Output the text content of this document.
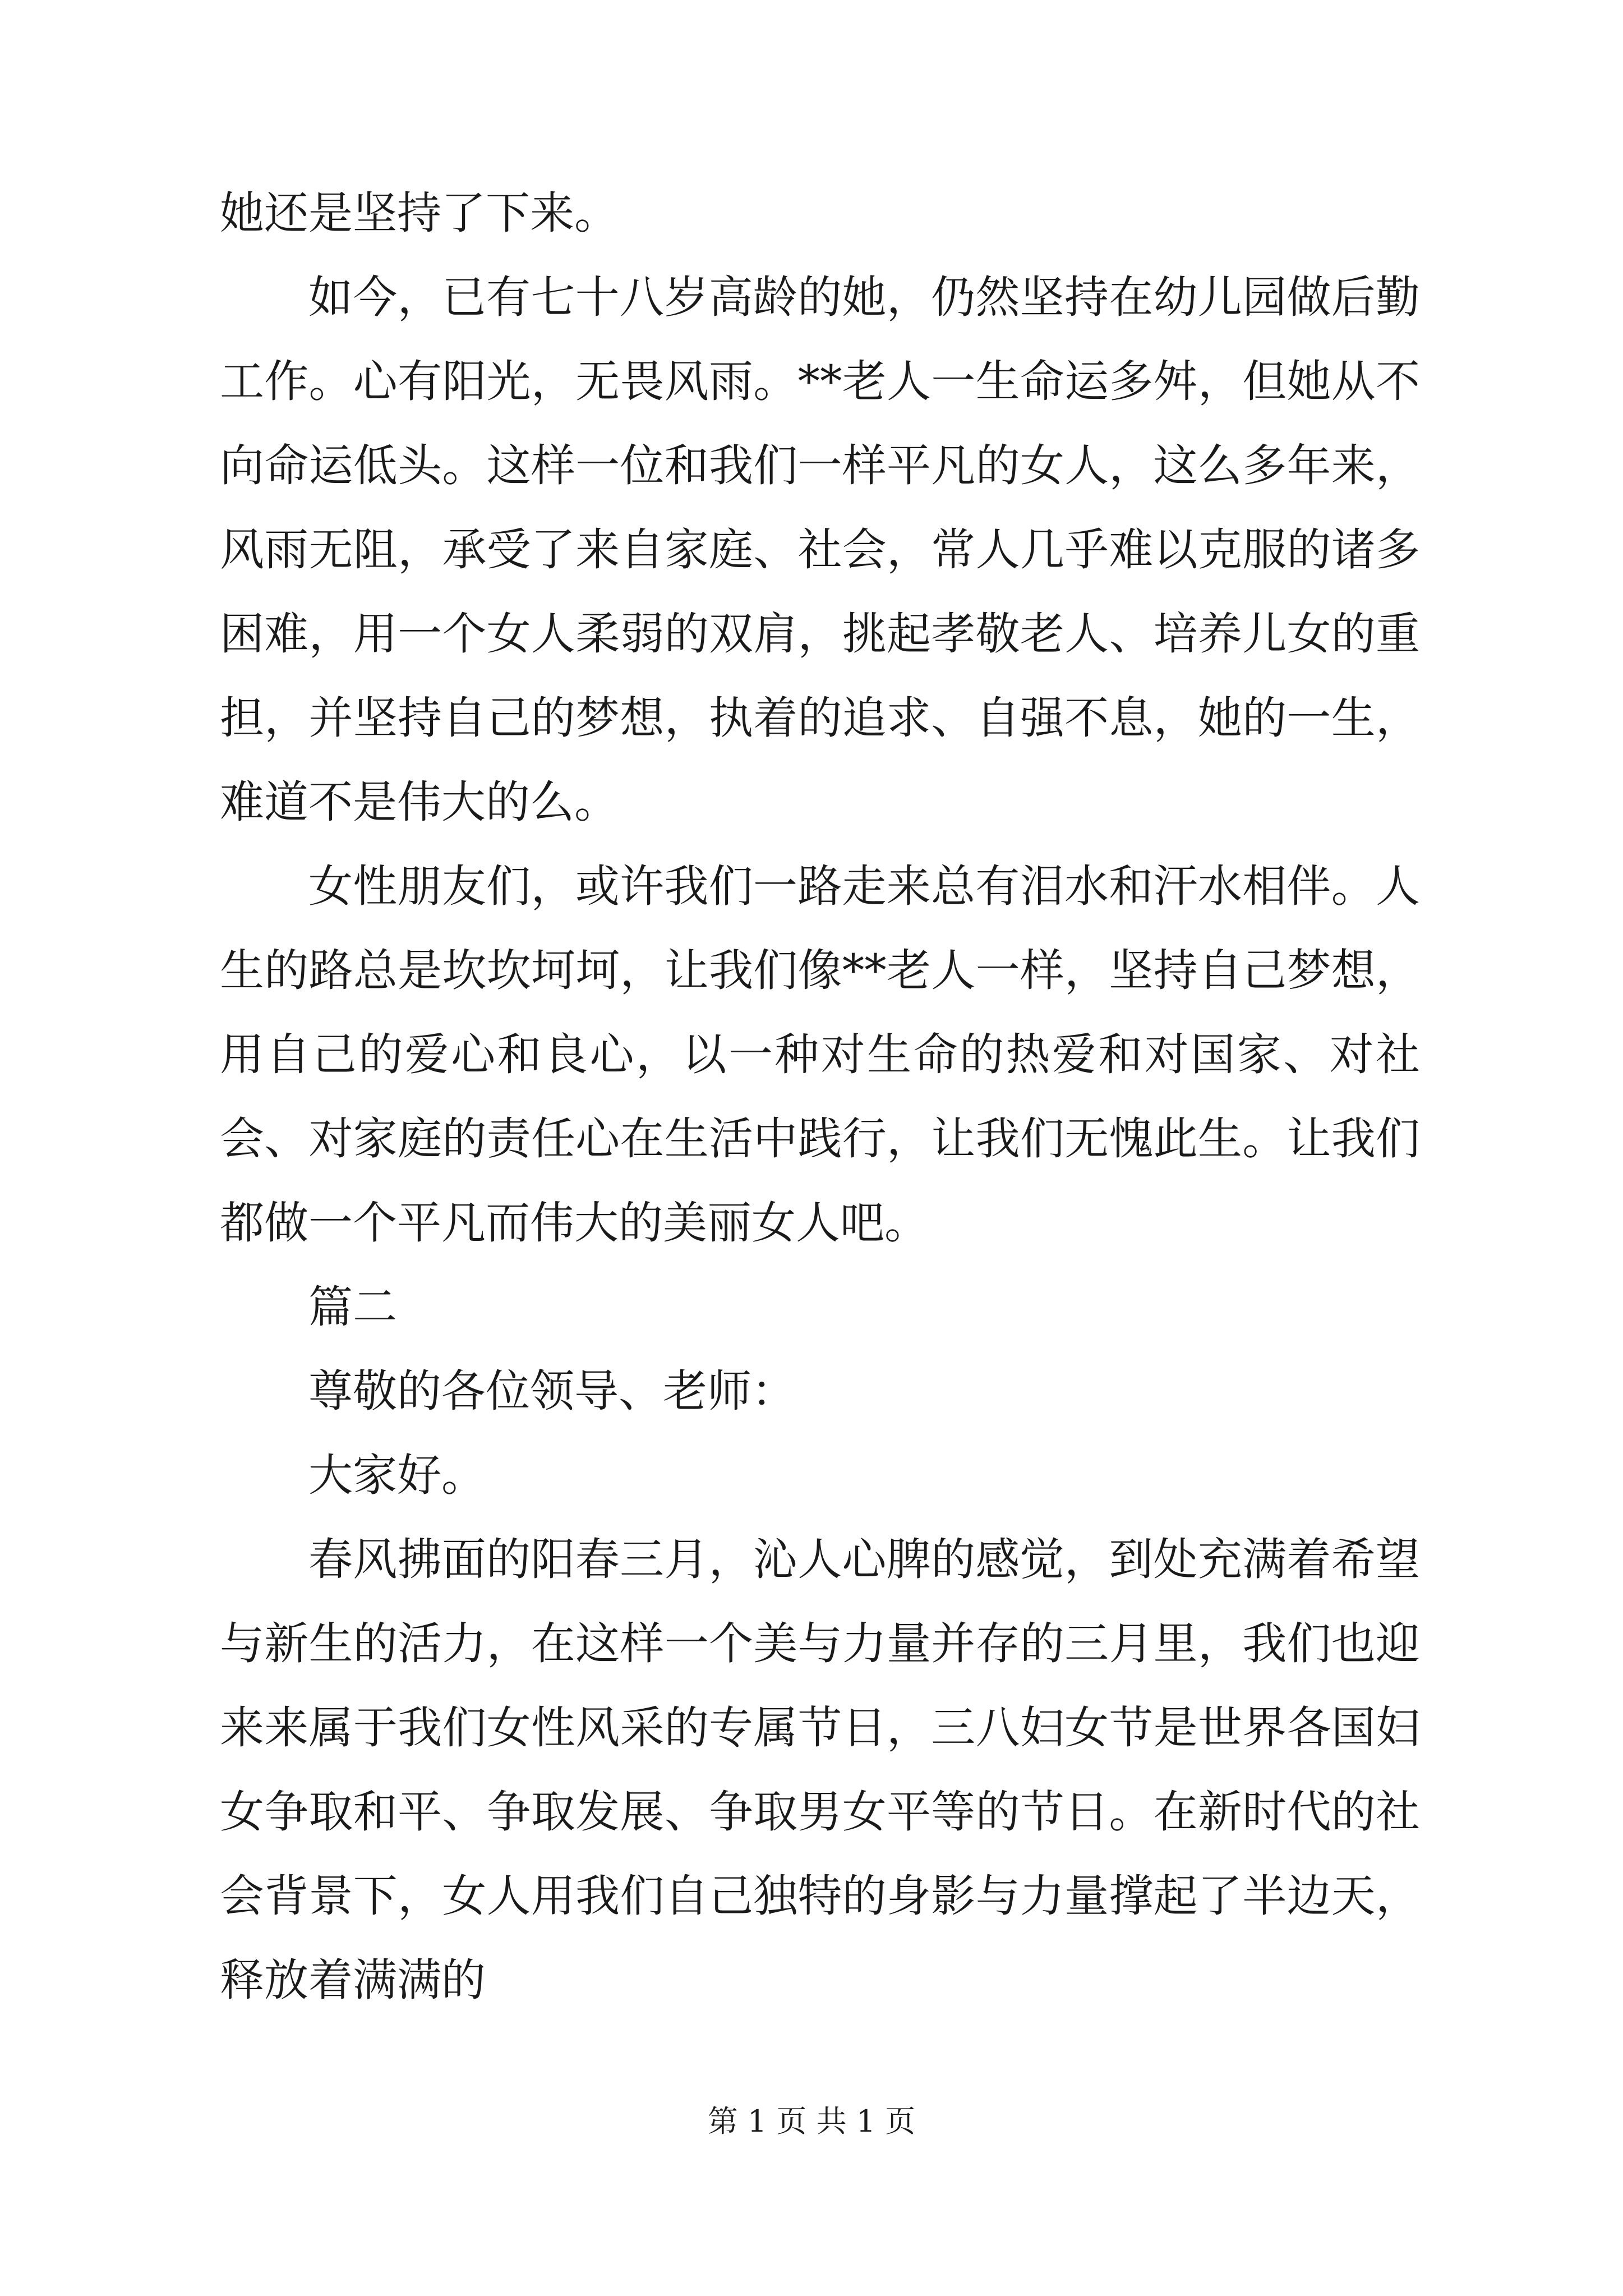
她还是坚持了下来。

如今，已有七十八岁高龄的她，仍然坚持在幼儿园做后勤工作。心有阳光，无畏风雨。**老人一生命运多舛，但她从不向命运低头。这样一位和我们一样平凡的女人，这么多年来，风雨无阻，承受了来自家庭、社会，常人几乎难以克服的诸多困难，用一个女人柔弱的双肩，挑起孝敬老人、培养儿女的重担，并坚持自己的梦想，执着的追求、自强不息，她的一生，难道不是伟大的么。

女性朋友们，或许我们一路走来总有泪水和汗水相伴。人生的路总是坎坎坷坷，让我们像**老人一样，坚持自己梦想，用自己的爱心和良心，以一种对生命的热爱和对国家、对社会、对家庭的责任心在生活中践行，让我们无愧此生。让我们都做一个平凡而伟大的美丽女人吧。

篇二

尊敬的各位领导、老师：

大家好。

春风拂面的阳春三月，沁人心脾的感觉，到处充满着希望与新生的活力，在这样一个美与力量并存的三月里，我们也迎来来属于我们女性风采的专属节日，三八妇女节是世界各国妇女争取和平、争取发展、争取男女平等的节日。在新时代的社会背景下，女人用我们自己独特的身影与力量撑起了半边天，释放着满满的

第 1 页 共 1 页
